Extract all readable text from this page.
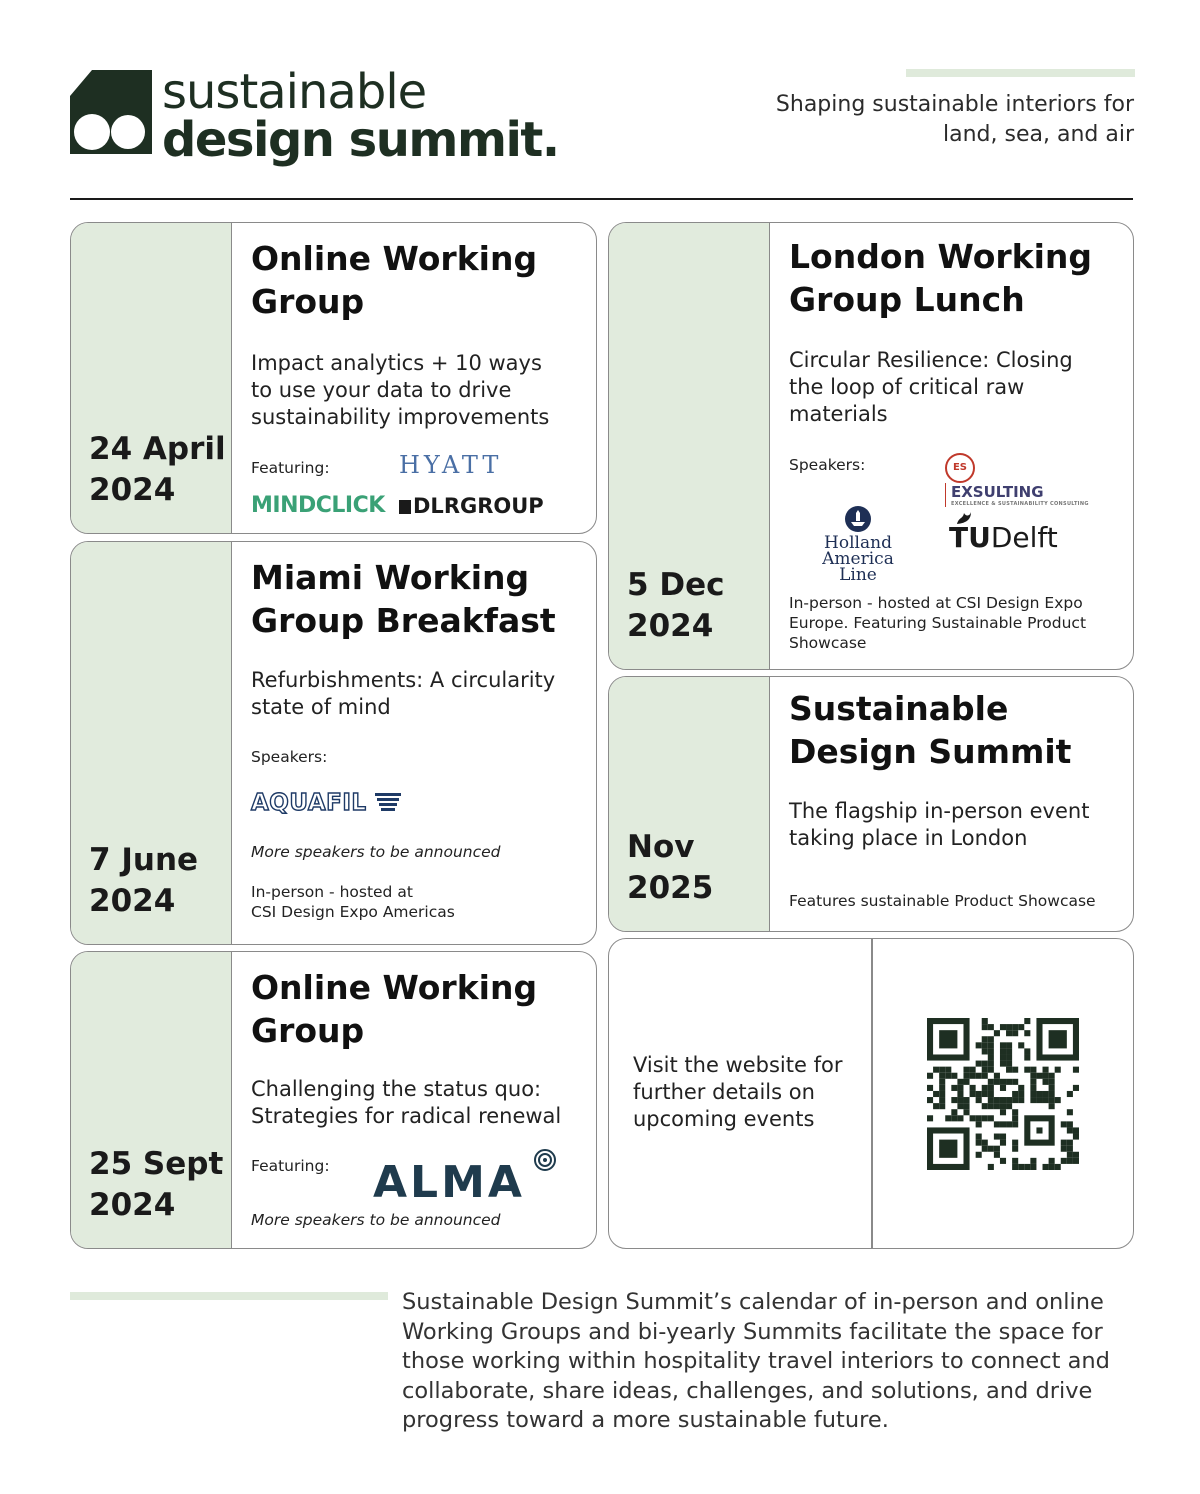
sustainable
design summit.
Shaping sustainable interiors for
land, sea, and air
24 April
2024
Online Working
Group
Impact analytics + 10 ways
to use your data to drive
sustainability improvements
Featuring:	HYATT
MINDCLICK	DLRGROUP
7 June
2024
Miami Working
Group Breakfast
Refurbishments: A circularity
state of mind
Speakers:
AQUAFIL
More speakers to be announced
In-person - hosted at
CSI Design Expo Americas
25 Sept
2024
Online Working
Group
Challenging the status quo:
Strategies for radical renewal
Featuring: ALMA
More speakers to be announced
5 Dec
2024
London Working
Group Lunch
Circular Resilience: Closing
the loop of critical raw
materials
Speakers:	ES EXSULTING
EXCELLENCE & SUSTAINABILITY CONSULTING
Holland
America Line
TUDelft
In-person - hosted at CSI Design Expo
Europe. Featuring Sustainable Product
Showcase
Nov
2025
Sustainable
Design Summit
The flagship in-person event
taking place in London
Features sustainable Product Showcase
Visit the website for
further details on
upcoming events
Sustainable Design Summit’s calendar of in-person and online Working Groups and bi-yearly Summits facilitate the space for those working within hospitality travel interiors to connect and collaborate, share ideas, challenges, and solutions, and drive progress toward a more sustainable future.
